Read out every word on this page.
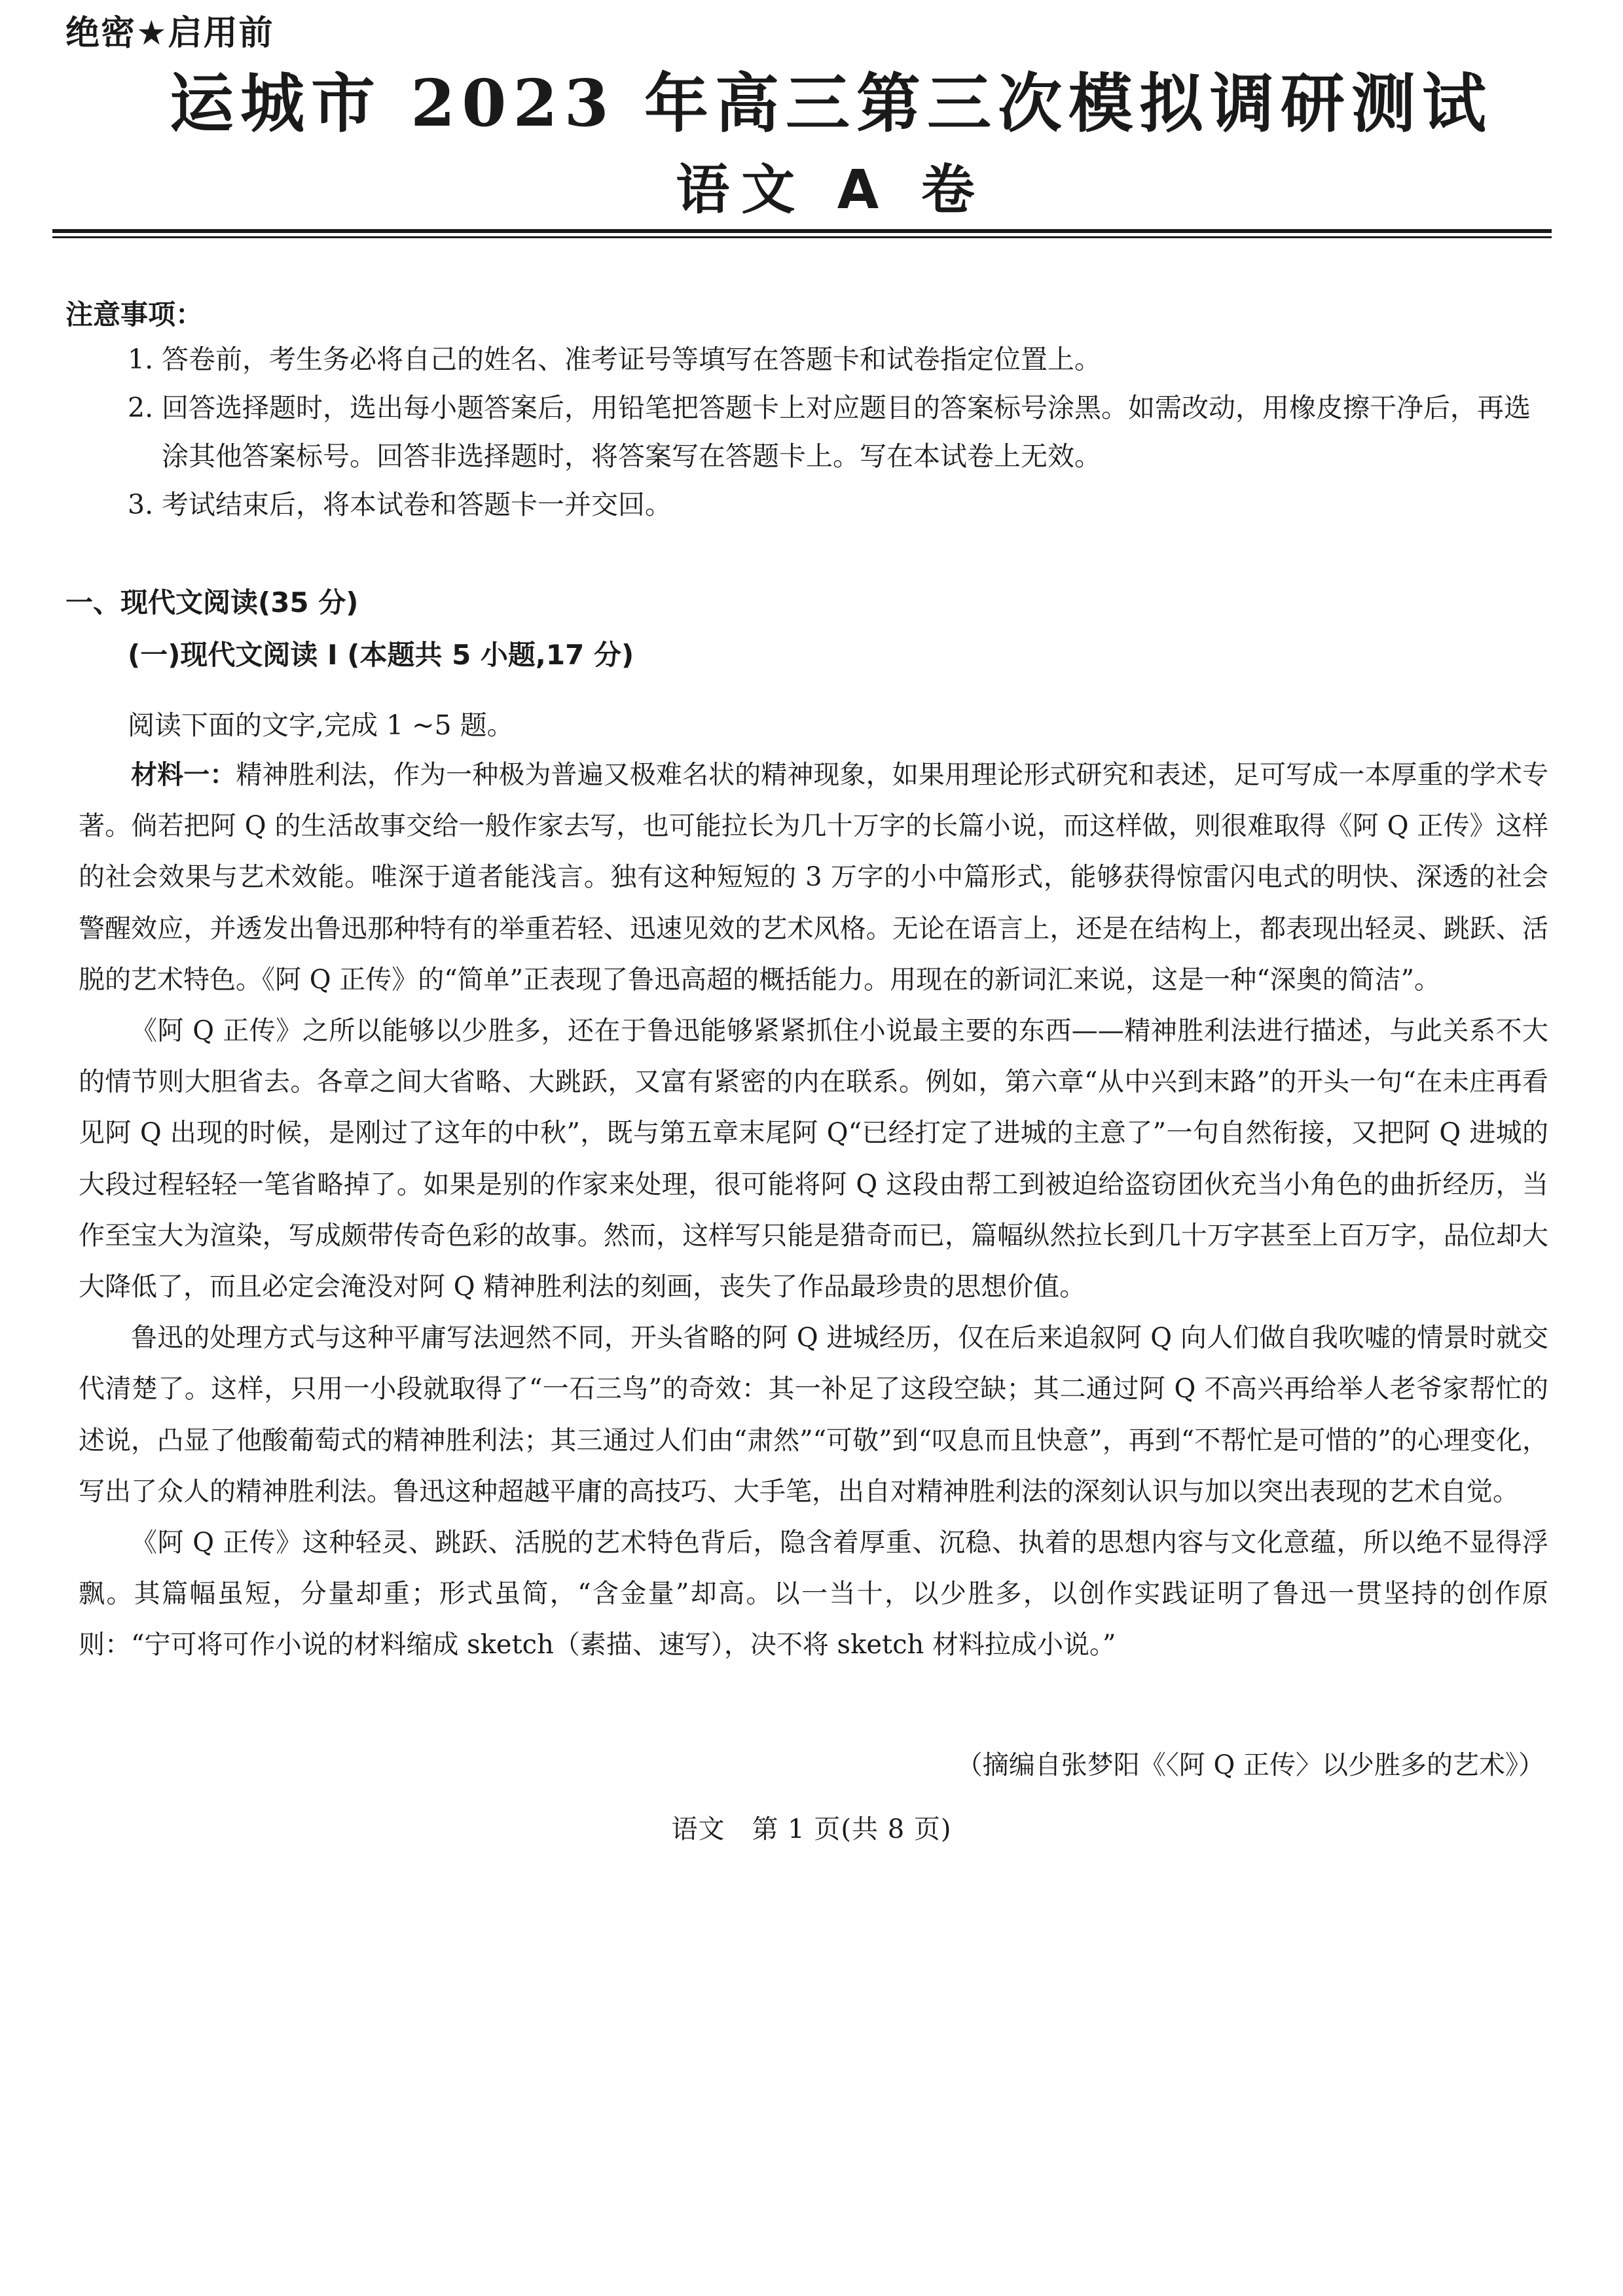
绝密★启用前
运城市 2023 年高三第三次模拟调研测试
语文 A 卷
注意事项：
1. 答卷前，考生务必将自己的姓名、准考证号等填写在答题卡和试卷指定位置上。
2. 回答选择题时，选出每小题答案后，用铅笔把答题卡上对应题目的答案标号涂黑。如需改动，用橡皮擦干净后，再选涂其他答案标号。回答非选择题时，将答案写在答题卡上。写在本试卷上无效。
3. 考试结束后，将本试卷和答题卡一并交回。
一、现代文阅读(35 分)
(一)现代文阅读 I (本题共 5 小题,17 分)
阅读下面的文字,完成 1 ~5 题。

材料一：精神胜利法，作为一种极为普遍又极难名状的精神现象，如果用理论形式研究和表述，足可写成一本厚重的学术专著。倘若把阿 Q 的生活故事交给一般作家去写，也可能拉长为几十万字的长篇小说，而这样做，则很难取得《阿 Q 正传》这样的社会效果与艺术效能。唯深于道者能浅言。独有这种短短的 3 万字的小中篇形式，能够获得惊雷闪电式的明快、深透的社会警醒效应，并透发出鲁迅那种特有的举重若轻、迅速见效的艺术风格。无论在语言上，还是在结构上，都表现出轻灵、跳跃、活脱的艺术特色。《阿 Q 正传》的“简单”正表现了鲁迅高超的概括能力。用现在的新词汇来说，这是一种“深奥的简洁”。

《阿 Q 正传》之所以能够以少胜多，还在于鲁迅能够紧紧抓住小说最主要的东西——精神胜利法进行描述，与此关系不大的情节则大胆省去。各章之间大省略、大跳跃，又富有紧密的内在联系。例如，第六章“从中兴到末路”的开头一句“在未庄再看见阿 Q 出现的时候，是刚过了这年的中秋”，既与第五章末尾阿 Q“已经打定了进城的主意了”一句自然衔接，又把阿 Q 进城的大段过程轻轻一笔省略掉了。如果是别的作家来处理，很可能将阿 Q 这段由帮工到被迫给盗窃团伙充当小角色的曲折经历，当作至宝大为渲染，写成颇带传奇色彩的故事。然而，这样写只能是猎奇而已，篇幅纵然拉长到几十万字甚至上百万字，品位却大大降低了，而且必定会淹没对阿 Q 精神胜利法的刻画，丧失了作品最珍贵的思想价值。

鲁迅的处理方式与这种平庸写法迥然不同，开头省略的阿 Q 进城经历，仅在后来追叙阿 Q 向人们做自我吹嘘的情景时就交代清楚了。这样，只用一小段就取得了“一石三鸟”的奇效：其一补足了这段空缺；其二通过阿 Q 不高兴再给举人老爷家帮忙的述说，凸显了他酸葡萄式的精神胜利法；其三通过人们由“肃然”“可敬”到“叹息而且快意”，再到“不帮忙是可惜的”的心理变化，写出了众人的精神胜利法。鲁迅这种超越平庸的高技巧、大手笔，出自对精神胜利法的深刻认识与加以突出表现的艺术自觉。

《阿 Q 正传》这种轻灵、跳跃、活脱的艺术特色背后，隐含着厚重、沉稳、执着的思想内容与文化意蕴，所以绝不显得浮飘。其篇幅虽短，分量却重；形式虽简，“含金量”却高。以一当十，以少胜多，以创作实践证明了鲁迅一贯坚持的创作原则：“宁可将可作小说的材料缩成 sketch（素描、速写），决不将 sketch 材料拉成小说。”

（摘编自张梦阳《〈阿 Q 正传〉以少胜多的艺术》）
语文　第 1 页(共 8 页)
